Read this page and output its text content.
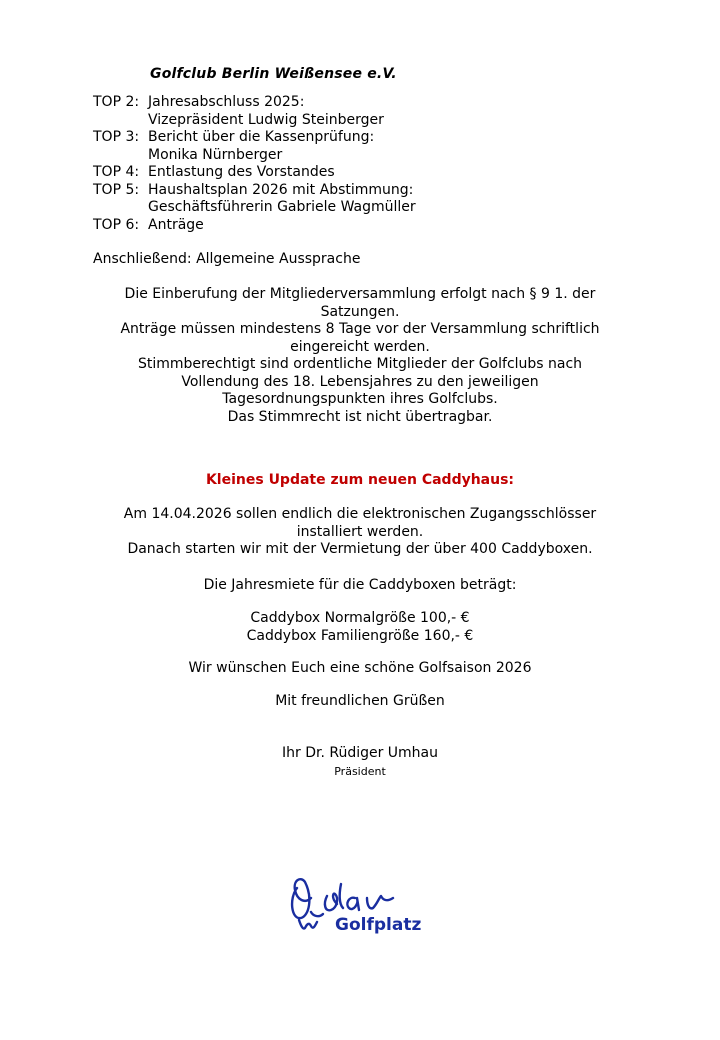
Golfclub Berlin Weißensee e.V.
TOP 2: Jahresabschluss 2025:
Vizepräsident Ludwig Steinberger
TOP 3: Bericht über die Kassenprüfung:
Monika Nürnberger
TOP 4: Entlastung des Vorstandes
TOP 5: Haushaltsplan 2026 mit Abstimmung:
Geschäftsführerin Gabriele Wagmüller
TOP 6: Anträge
Anschließend: Allgemeine Aussprache
Die Einberufung der Mitgliederversammlung erfolgt nach § 9 1. der
Satzungen.
Anträge müssen mindestens 8 Tage vor der Versammlung schriftlich
eingereicht werden.
Stimmberechtigt sind ordentliche Mitglieder der Golfclubs nach
Vollendung des 18. Lebensjahres zu den jeweiligen
Tagesordnungspunkten ihres Golfclubs.
Das Stimmrecht ist nicht übertragbar.
Kleines Update zum neuen Caddyhaus:
Am 14.04.2026 sollen endlich die elektronischen Zugangsschlösser
installiert werden.
Danach starten wir mit der Vermietung der über 400 Caddyboxen.
Die Jahresmiete für die Caddyboxen beträgt:
Caddybox Normalgröße 100,- €
Caddybox Familiengröße 160,- €
Wir wünschen Euch eine schöne Golfsaison 2026
Mit freundlichen Grüßen
Ihr Dr. Rüdiger Umhau
Präsident
Golfplatz
